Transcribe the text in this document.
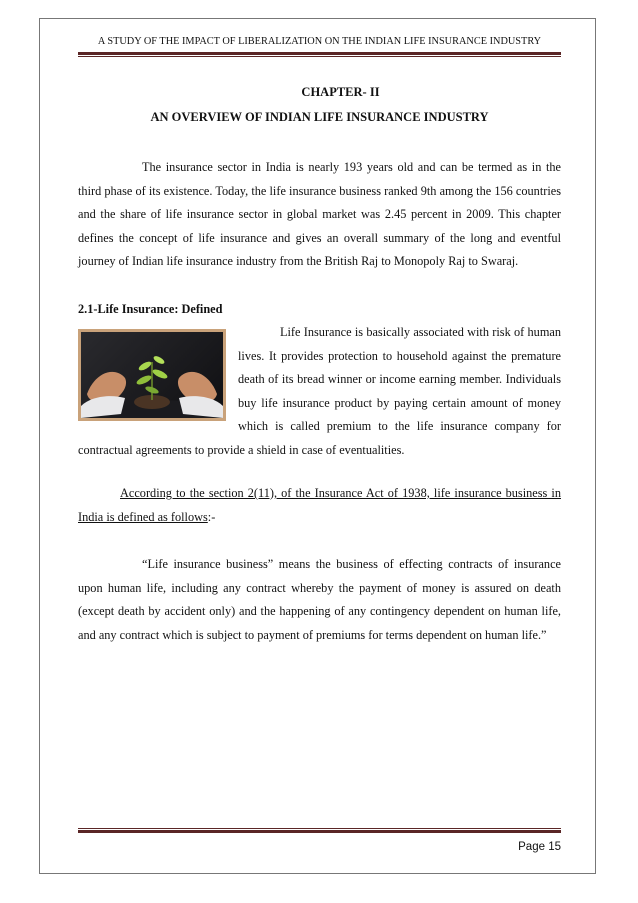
A STUDY OF THE IMPACT OF LIBERALIZATION ON THE INDIAN LIFE INSURANCE INDUSTRY
CHAPTER- II
AN OVERVIEW OF INDIAN LIFE INSURANCE INDUSTRY

The insurance sector in India is nearly 193 years old and can be termed as in the third phase of its existence. Today, the life insurance business ranked 9th among the 156 countries and the share of life insurance sector in global market was 2.45 percent in 2009. This chapter defines the concept of life insurance and gives an overall summary of the long and eventful journey of Indian life insurance industry from the British Raj to Monopoly Raj to Swaraj.

2.1-Life Insurance: Defined

Life Insurance is basically associated with risk of human lives. It provides protection to household against the premature death of its bread winner or income earning member. Individuals buy life insurance product by paying certain amount of money which is called premium to the life insurance company for contractual agreements to provide a shield in case of eventualities.

According to the section 2(11), of the Insurance Act of 1938, life insurance business in India is defined as follows:-

“Life insurance business” means the business of effecting contracts of insurance upon human life, including any contract whereby the payment of money is assured on death (except death by accident only) and the happening of any contingency dependent on human life, and any contract which is subject to payment of premiums for terms dependent on human life.”

Page 15
